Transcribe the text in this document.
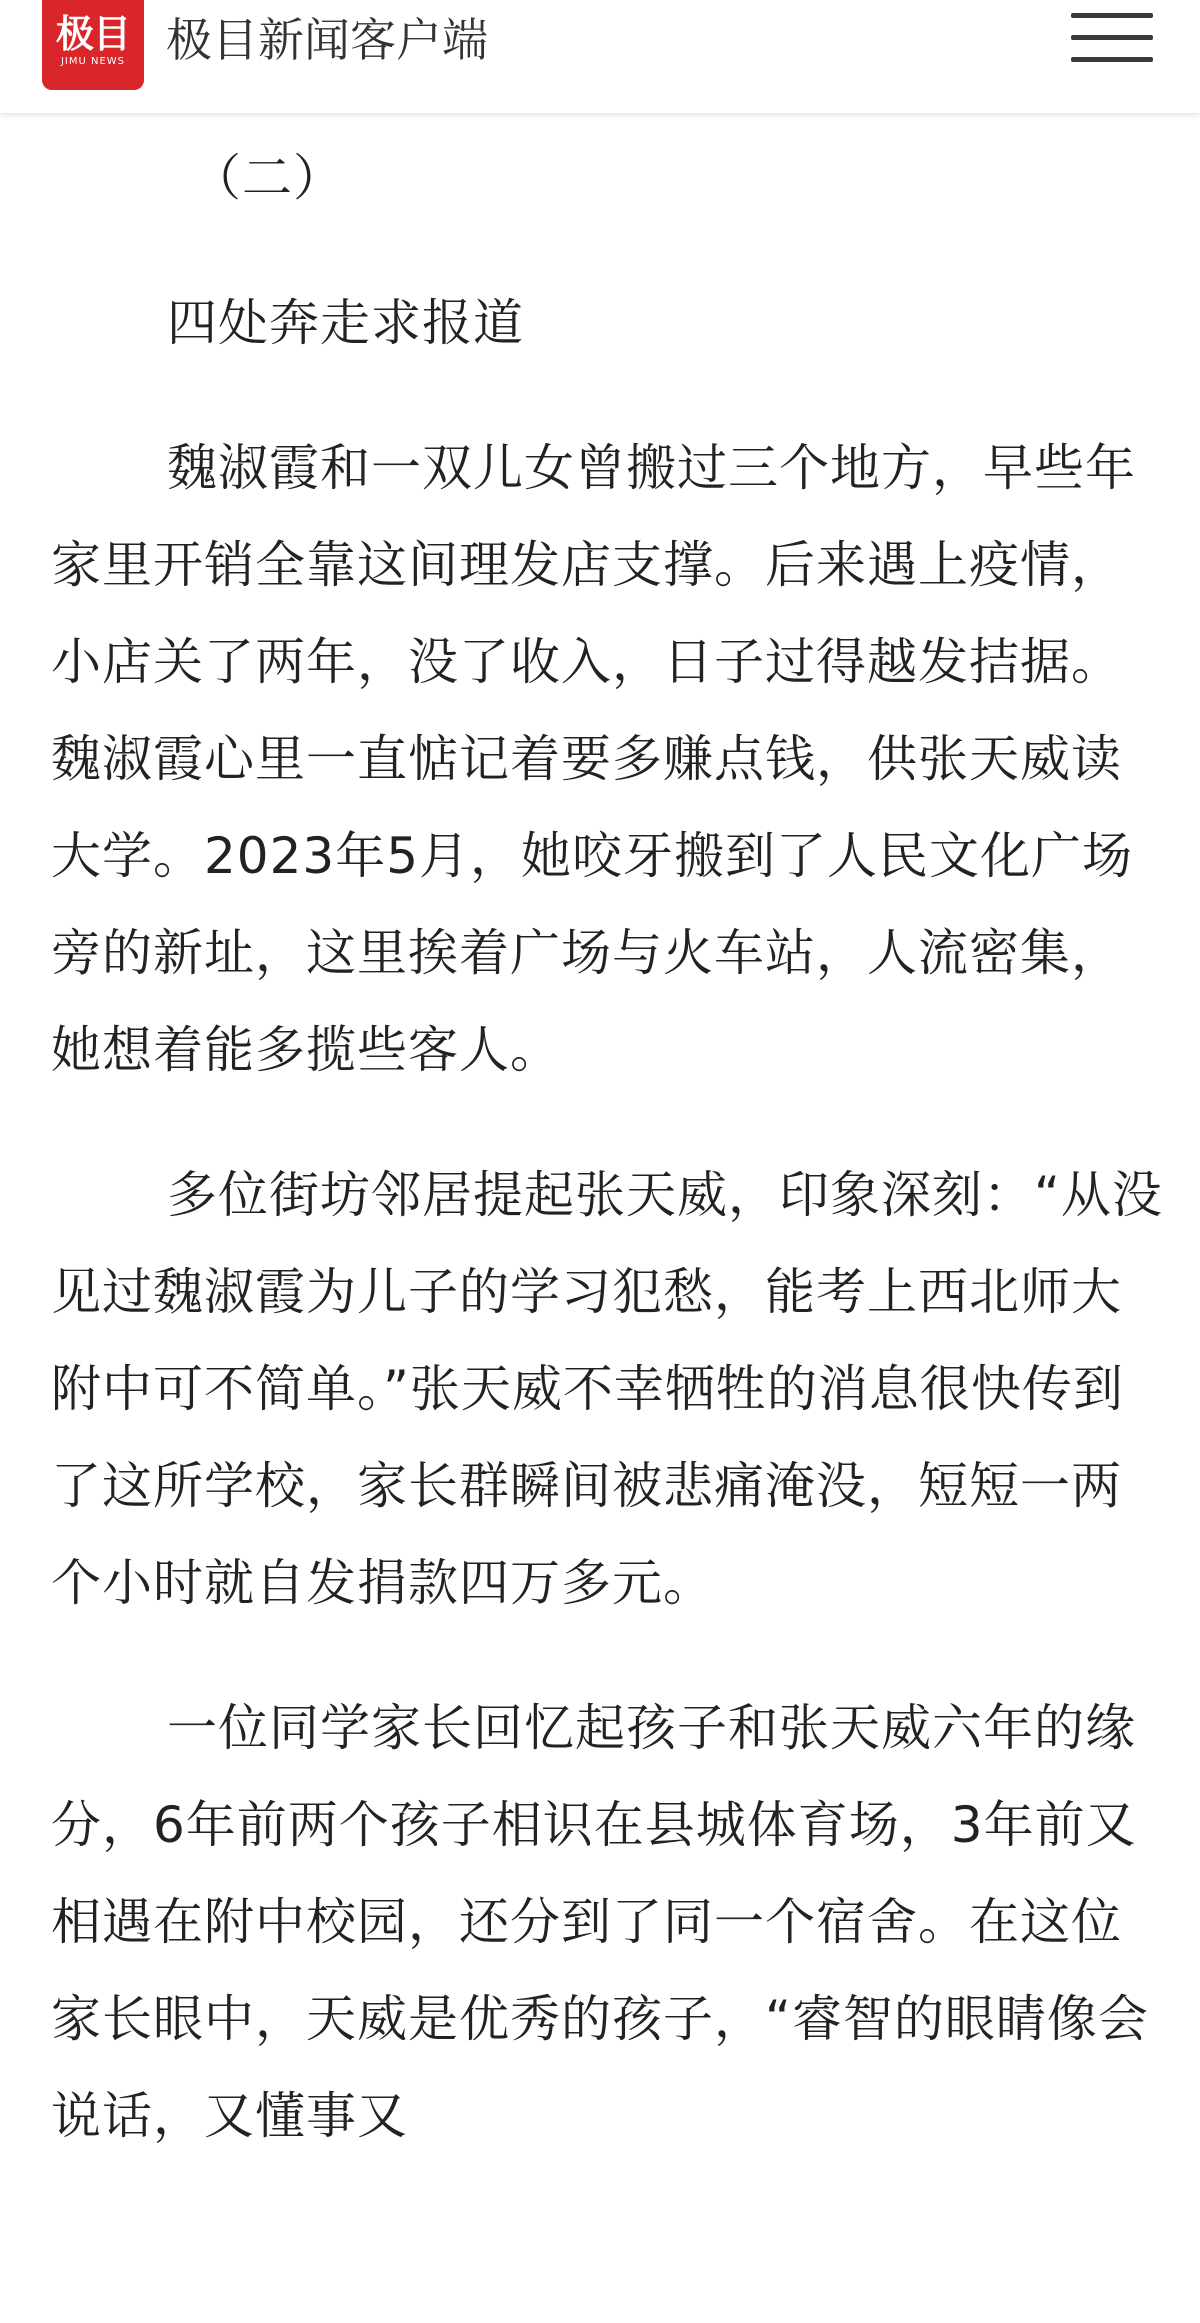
极目
JIMU NEWS 极目新闻客户端

（二）

四处奔走求报道

魏淑霞和一双儿女曾搬过三个地方，早些年家里开销全靠这间理发店支撑。后来遇上疫情，小店关了两年，没了收入，日子过得越发拮据。魏淑霞心里一直惦记着要多赚点钱，供张天威读大学。2023年5月，她咬牙搬到了人民文化广场旁的新址，这里挨着广场与火车站，人流密集，她想着能多揽些客人。

多位街坊邻居提起张天威，印象深刻：“从没见过魏淑霞为儿子的学习犯愁，能考上西北师大附中可不简单。”张天威不幸牺牲的消息很快传到了这所学校，家长群瞬间被悲痛淹没，短短一两个小时就自发捐款四万多元。

一位同学家长回忆起孩子和张天威六年的缘分，6年前两个孩子相识在县城体育场，3年前又相遇在附中校园，还分到了同一个宿舍。在这位家长眼中，天威是优秀的孩子，“睿智的眼睛像会说话，又懂事又
